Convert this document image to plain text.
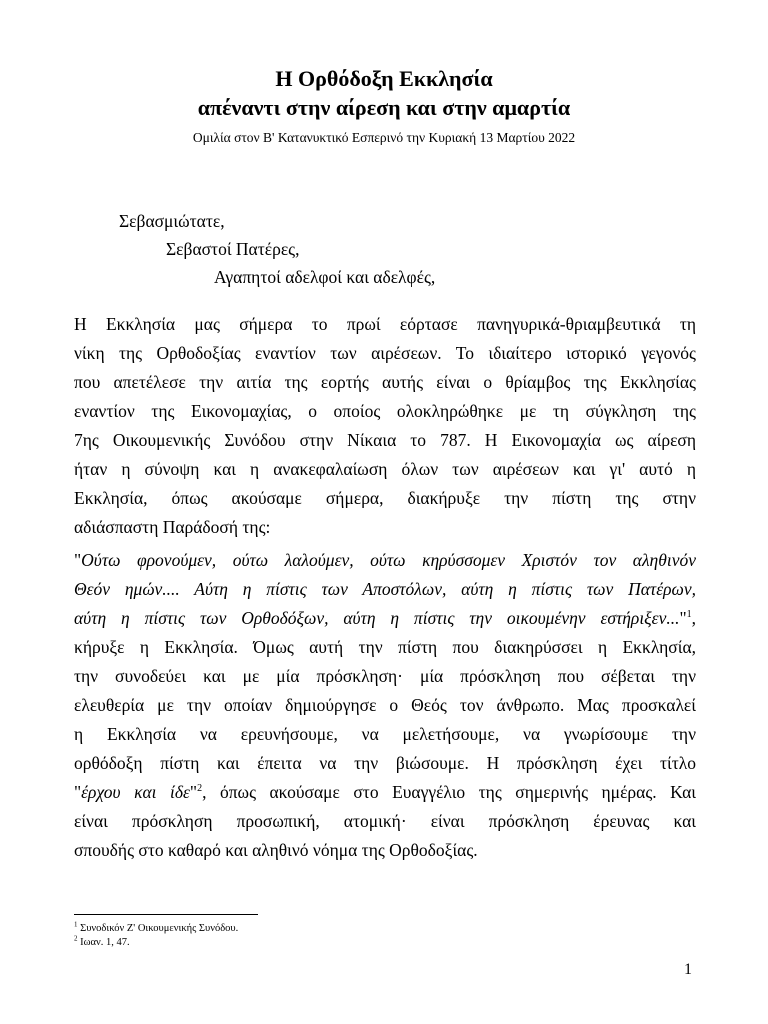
Η Ορθόδοξη Εκκλησία
απέναντι στην αίρεση και στην αμαρτία
Ομιλία στον Β' Κατανυκτικό Εσπερινό την Κυριακή 13 Μαρτίου 2022
Σεβασμιώτατε,
Σεβαστοί Πατέρες,
Αγαπητοί αδελφοί και αδελφές,
Η Εκκλησία μας σήμερα το πρωί εόρτασε πανηγυρικά-θριαμβευτικά τη
νίκη της Ορθοδοξίας εναντίον των αιρέσεων. Το ιδιαίτερο ιστορικό γεγονός
που απετέλεσε την αιτία της εορτής αυτής είναι ο θρίαμβος της Εκκλησίας
εναντίον της Εικονομαχίας, ο οποίος ολοκληρώθηκε με τη σύγκληση της
7ης Οικουμενικής Συνόδου στην Νίκαια το 787. Η Εικονομαχία ως αίρεση
ήταν η σύνοψη και η ανακεφαλαίωση όλων των αιρέσεων και γι' αυτό η
Εκκλησία, όπως ακούσαμε σήμερα, διακήρυξε την πίστη της στην
αδιάσπαστη Παράδοσή της:
"Ούτω φρονούμεν, ούτω λαλούμεν, ούτω κηρύσσομεν Χριστόν τον αληθινόν
Θεόν ημών.... Αύτη η πίστις των Αποστόλων, αύτη η πίστις των Πατέρων,
αύτη η πίστις των Ορθοδόξων, αύτη η πίστις την οικουμένην εστήριξεν..."$^1$,
κήρυξε η Εκκλησία. Όμως αυτή την πίστη που διακηρύσσει η Εκκλησία,
την συνοδεύει και με μία πρόσκληση· μία πρόσκληση που σέβεται την
ελευθερία με την οποίαν δημιούργησε ο Θεός τον άνθρωπο. Μας προσκαλεί
η Εκκλησία να ερευνήσουμε, να μελετήσουμε, να γνωρίσουμε την
ορθόδοξη πίστη και έπειτα να την βιώσουμε. Η πρόσκληση έχει τίτλο
"έρχου και ίδε"$^2$, όπως ακούσαμε στο Ευαγγέλιο της σημερινής ημέρας. Και
είναι πρόσκληση προσωπική, ατομική· είναι πρόσκληση έρευνας και
σπουδής στο καθαρό και αληθινό νόημα της Ορθοδοξίας.
$^1$ Συνοδικόν Ζ' Οικουμενικής Συνόδου.
$^2$ Ιωαν. 1, 47.
1
